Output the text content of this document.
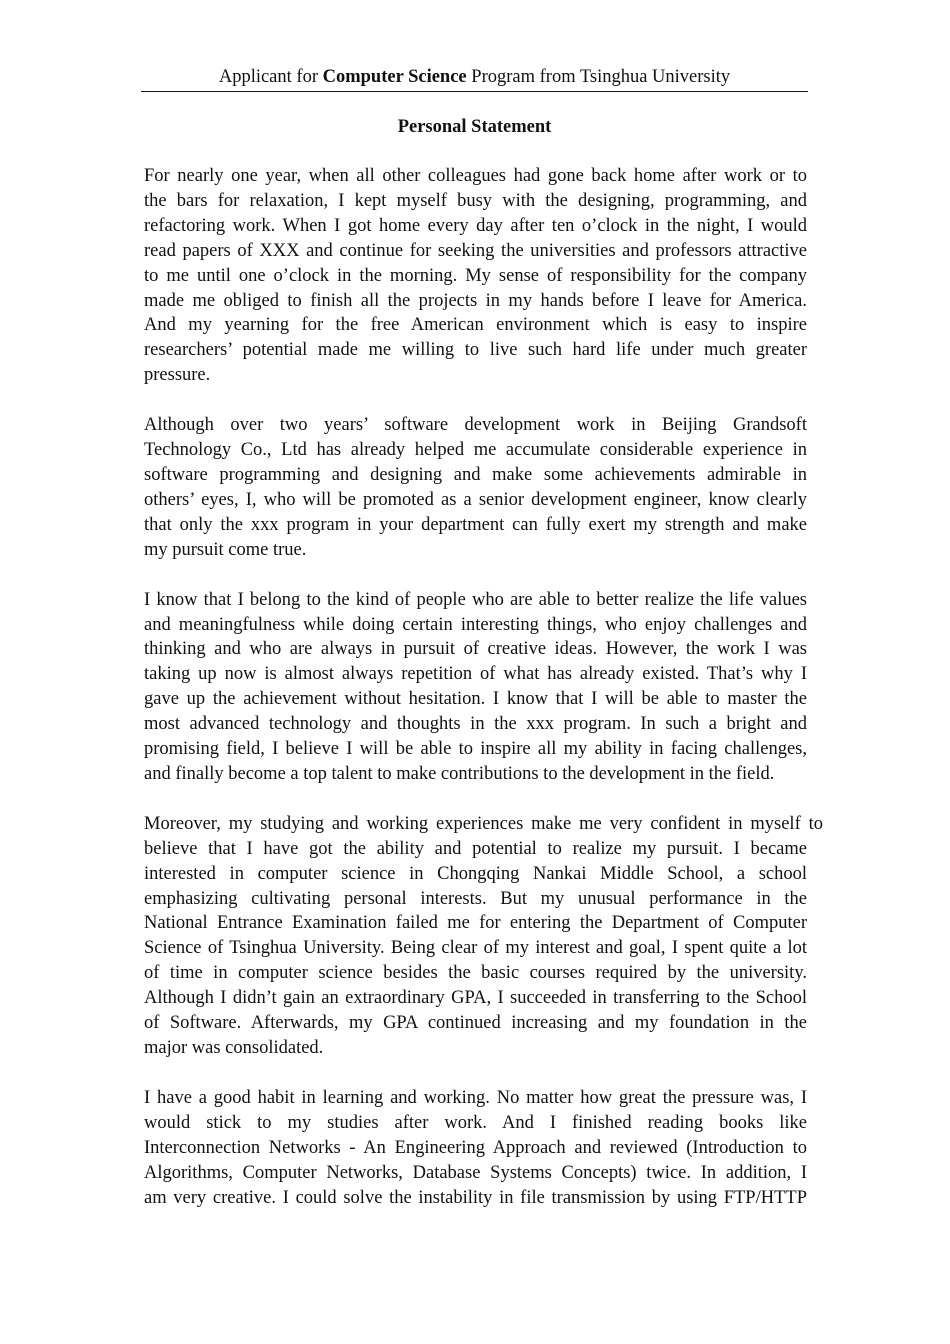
Applicant for Computer Science Program from Tsinghua University
Personal Statement
For nearly one year, when all other colleagues had gone back home after work or to
the bars for relaxation, I kept myself busy with the designing, programming, and
refactoring work. When I got home every day after ten o’clock in the night, I would
read papers of XXX and continue for seeking the universities and professors attractive
to me until one o’clock in the morning. My sense of responsibility for the company
made me obliged to finish all the projects in my hands before I leave for America.
And my yearning for the free American environment which is easy to inspire
researchers’ potential made me willing to live such hard life under much greater
pressure.
Although over two years’ software development work in Beijing Grandsoft
Technology Co., Ltd has already helped me accumulate considerable experience in
software programming and designing and make some achievements admirable in
others’ eyes, I, who will be promoted as a senior development engineer, know clearly
that only the xxx program in your department can fully exert my strength and make
my pursuit come true.
I know that I belong to the kind of people who are able to better realize the life values
and meaningfulness while doing certain interesting things, who enjoy challenges and
thinking and who are always in pursuit of creative ideas. However, the work I was
taking up now is almost always repetition of what has already existed. That’s why I
gave up the achievement without hesitation. I know that I will be able to master the
most advanced technology and thoughts in the xxx program. In such a bright and
promising field, I believe I will be able to inspire all my ability in facing challenges,
and finally become a top talent to make contributions to the development in the field.
Moreover, my studying and working experiences make me very confident in myself to
believe that I have got the ability and potential to realize my pursuit. I became
interested in computer science in Chongqing Nankai Middle School, a school
emphasizing cultivating personal interests. But my unusual performance in the
National Entrance Examination failed me for entering the Department of Computer
Science of Tsinghua University. Being clear of my interest and goal, I spent quite a lot
of time in computer science besides the basic courses required by the university.
Although I didn’t gain an extraordinary GPA, I succeeded in transferring to the School
of Software. Afterwards, my GPA continued increasing and my foundation in the
major was consolidated.
I have a good habit in learning and working. No matter how great the pressure was, I
would stick to my studies after work. And I finished reading books like
Interconnection Networks - An Engineering Approach and reviewed (Introduction to
Algorithms, Computer Networks, Database Systems Concepts) twice. In addition, I
am very creative. I could solve the instability in file transmission by using FTP/HTTP
